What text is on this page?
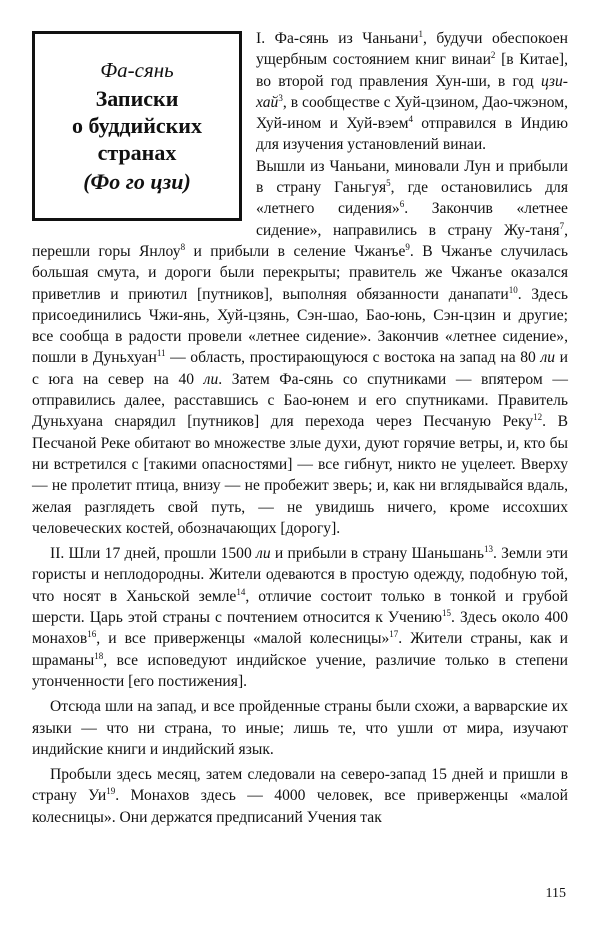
Фа-сянь
Записки
о буддийских
странах
(Фо го цзи)

I. Фа-сянь из Чаньани$^1$, будучи обеспокоен ущербным состоянием книг винаи$^2$ [в Китае], во второй год правления Хун-ши, в год цзи-хай$^3$, в сообществе с Хуй-цзином, Дао-чжэном, Хуй-ином и Хуй-вэем$^4$ отправился в Индию для изучения установлений винаи.

Вышли из Чаньани, миновали Лун и прибыли в страну Ганьгуя$^5$, где остановились для «летнего сидения»$^6$. Закончив «летнее сидение», направились в страну Жу-таня$^7$, перешли горы Янлоу$^8$ и прибыли в селение Чжанъе$^9$. В Чжанъе случилась большая смута, и дороги были перекрыты; правитель же Чжанъе оказался приветлив и приютил [путников], выполняя обязанности данапати$^{10}$. Здесь присоединились Чжи-янь, Хуй-цзянь, Сэн-шао, Бао-юнь, Сэн-цзин и другие; все сообща в радости провели «летнее сидение». Закончив «летнее сидение», пошли в Дуньхуан$^{11}$ — область, простирающуюся с востока на запад на 80 ли и с юга на север на 40 ли. Затем Фа-сянь со спутниками — впятером — отправились далее, расставшись с Бао-юнем и его спутниками. Правитель Дуньхуана снарядил [путников] для перехода через Песчаную Реку$^{12}$. В Песчаной Реке обитают во множестве злые духи, дуют горячие ветры, и, кто бы ни встретился с [такими опасностями] — все гибнут, никто не уцелеет. Вверху — не пролетит птица, внизу — не пробежит зверь; и, как ни вглядывайся вдаль, желая разглядеть свой путь, — не увидишь ничего, кроме иссохших человеческих костей, обозначающих [дорогу].

II. Шли 17 дней, прошли 1500 ли и прибыли в страну Шаньшань$^{13}$. Земли эти гористы и неплодородны. Жители одеваются в простую одежду, подобную той, что носят в Ханьской земле$^{14}$, отличие состоит только в тонкой и грубой шерсти. Царь этой страны с почтением относится к Учению$^{15}$. Здесь около 400 монахов$^{16}$, и все приверженцы «малой колесницы»$^{17}$. Жители страны, как и шраманы$^{18}$, все исповедуют индийское учение, различие только в степени утонченности [его постижения].

Отсюда шли на запад, и все пройденные страны были схожи, а варварские их языки — что ни страна, то иные; лишь те, что ушли от мира, изучают индийские книги и индийский язык.

Пробыли здесь месяц, затем следовали на северо-запад 15 дней и пришли в страну $Уи^{19}$. Монахов здесь — 4000 человек, все приверженцы «малой колесницы». Они держатся предписаний Учения так

115
